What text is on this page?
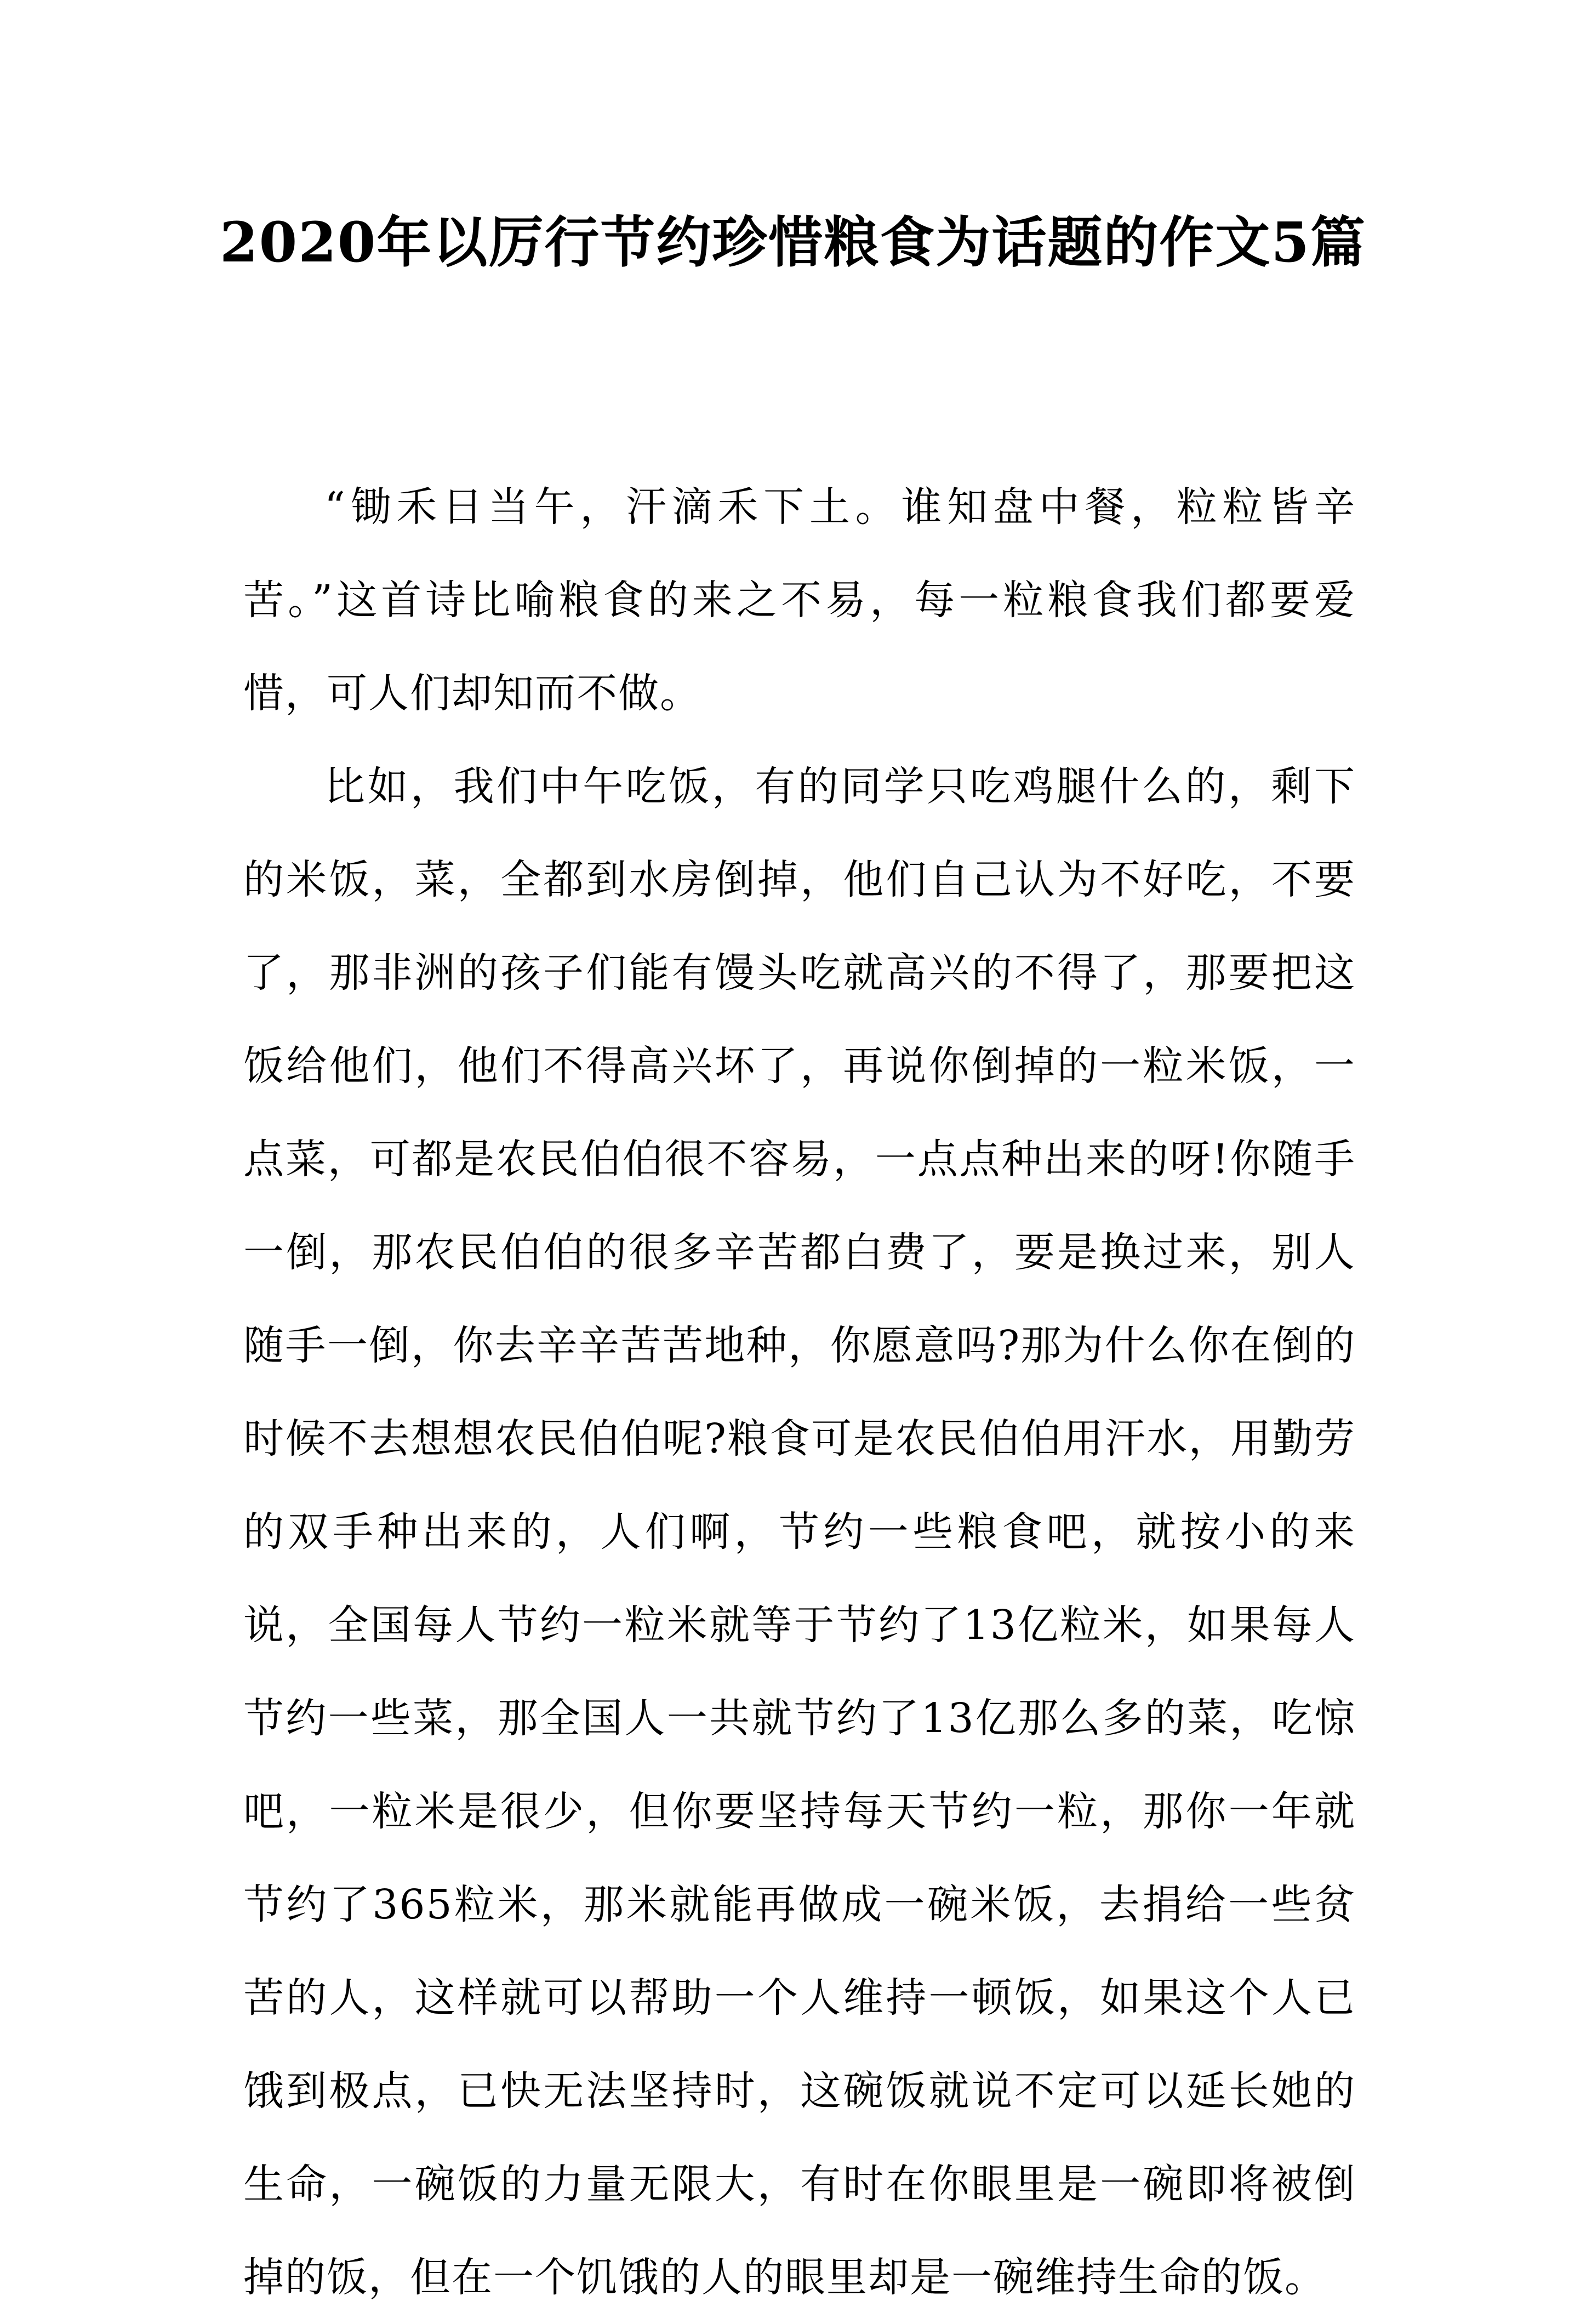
2020年以厉行节约珍惜粮食为话题的作文5篇

“锄禾日当午，汗滴禾下土。谁知盘中餐，粒粒皆辛苦。”这首诗比喻粮食的来之不易，每一粒粮食我们都要爱惜，可人们却知而不做。

比如，我们中午吃饭，有的同学只吃鸡腿什么的，剩下的米饭，菜，全都到水房倒掉，他们自己认为不好吃，不要了，那非洲的孩子们能有馒头吃就高兴的不得了，那要把这饭给他们，他们不得高兴坏了，再说你倒掉的一粒米饭，一点菜，可都是农民伯伯很不容易，一点点种出来的呀!你随手一倒，那农民伯伯的很多辛苦都白费了，要是换过来，别人随手一倒，你去辛辛苦苦地种，你愿意吗?那为什么你在倒的时候不去想想农民伯伯呢?粮食可是农民伯伯用汗水，用勤劳的双手种出来的，人们啊，节约一些粮食吧，就按小的来说，全国每人节约一粒米就等于节约了13亿粒米，如果每人节约一些菜，那全国人一共就节约了13亿那么多的菜，吃惊吧，一粒米是很少，但你要坚持每天节约一粒，那你一年就节约了365粒米，那米就能再做成一碗米饭，去捐给一些贫苦的人，这样就可以帮助一个人维持一顿饭，如果这个人已饿到极点，已快无法坚持时，这碗饭就说不定可以延长她的生命，一碗饭的力量无限大，有时在你眼里是一碗即将被倒掉的饭，但在一个饥饿的人的眼里却是一碗维持生命的饭。
